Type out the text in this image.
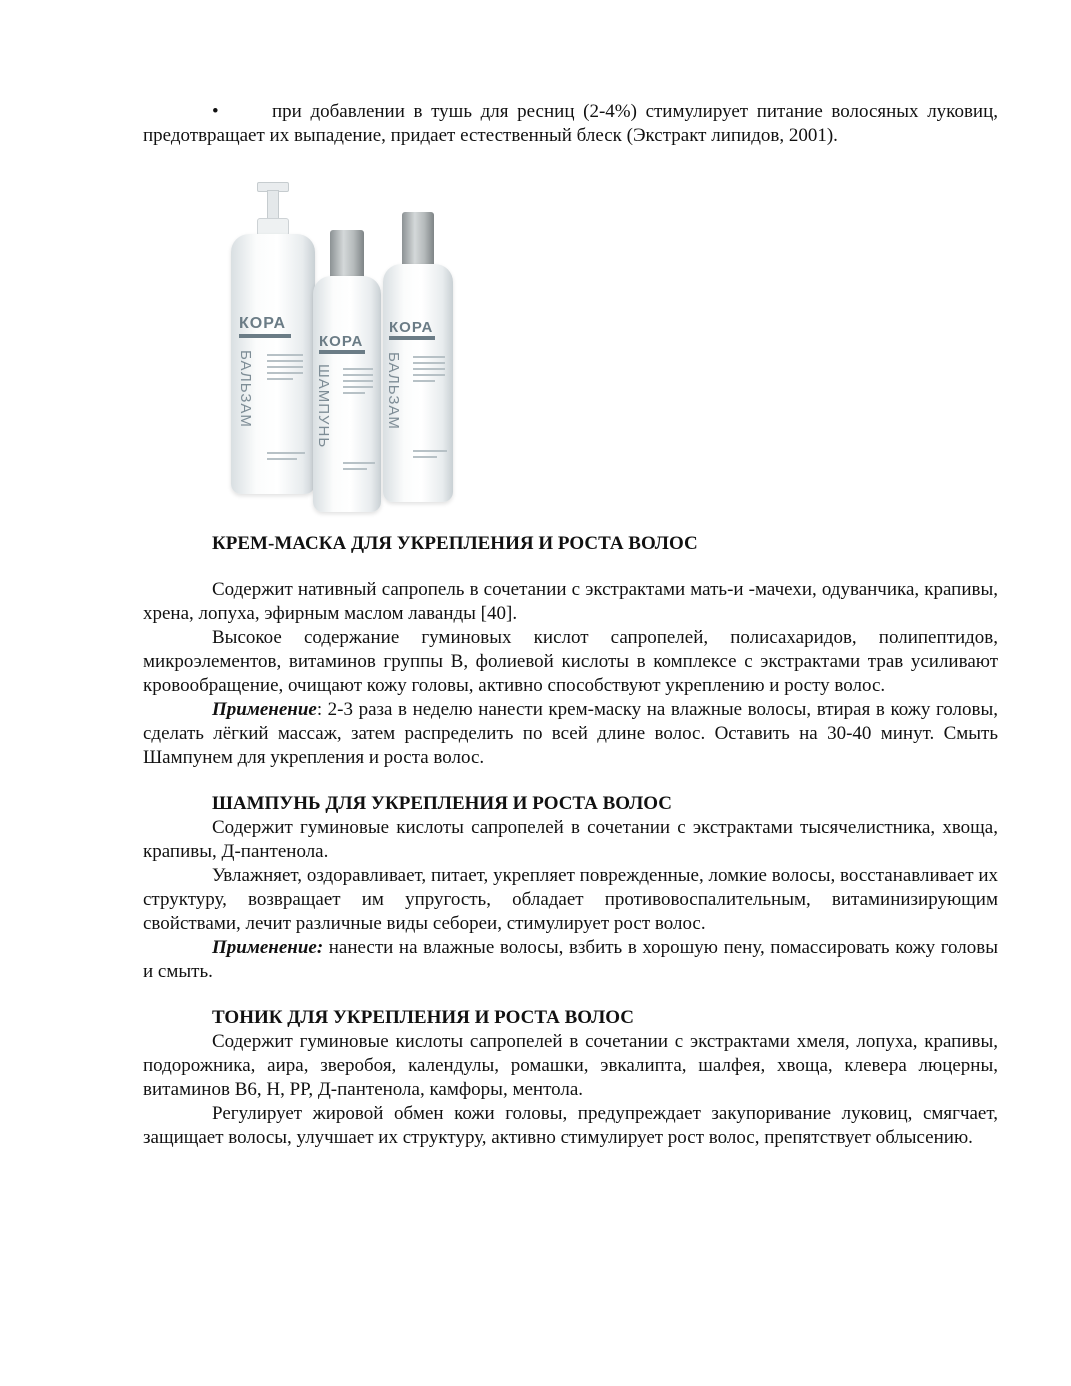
•	при добавлении в тушь для ресниц (2-4%) стимулирует питание волосяных луковиц, предотвращает их выпадение, придает естественный блеск (Экстракт липидов, 2001).

КОРА
БАЛЬЗАМ
КОРА
ШАМПУНЬ
КОРА
БАЛЬЗАМ
КРЕМ-МАСКА ДЛЯ УКРЕПЛЕНИЯ И РОСТА ВОЛОС

Содержит нативный сапропель в сочетании с экстрактами мать-и -мачехи, одуванчика, крапивы, хрена, лопуха, эфирным маслом лаванды [40].

Высокое содержание гуминовых кислот сапропелей, полисахаридов, полипептидов, микроэлементов, витаминов группы В, фолиевой кислоты в комплексе с экстрактами трав усиливают кровообращение, очищают кожу головы, активно способствуют укреплению и росту волос.

Применение: 2-3 раза в неделю нанести крем-маску на влажные волосы, втирая в кожу головы, сделать лёгкий массаж, затем распределить по всей длине волос. Оставить на 30-40 минут. Смыть Шампунем для укрепления и роста волос.

ШАМПУНЬ ДЛЯ УКРЕПЛЕНИЯ И РОСТА ВОЛОС

Содержит гуминовые кислоты сапропелей в сочетании с экстрактами тысячелистника, хвоща, крапивы, Д-пантенола.

Увлажняет, оздоравливает, питает, укрепляет поврежденные, ломкие волосы, восстанавливает их структуру, возвращает им упругость, обладает противовоспалительным, витаминизирующим свойствами, лечит различные виды себореи, стимулирует рост волос.

Применение: нанести на влажные волосы, взбить в хорошую пену, помассировать кожу головы и смыть.

ТОНИК ДЛЯ УКРЕПЛЕНИЯ И РОСТА ВОЛОС

Содержит гуминовые кислоты сапропелей в сочетании с экстрактами хмеля, лопуха, крапивы, подорожника, аира, зверобоя, календулы, ромашки, эвкалипта, шалфея, хвоща, клевера люцерны, витаминов В6, Н, РР, Д-пантенола, камфоры, ментола.

Регулирует жировой обмен кожи головы, предупреждает закупоривание луковиц, смягчает, защищает волосы, улучшает их структуру, активно стимулирует рост волос, препятствует облысению.
